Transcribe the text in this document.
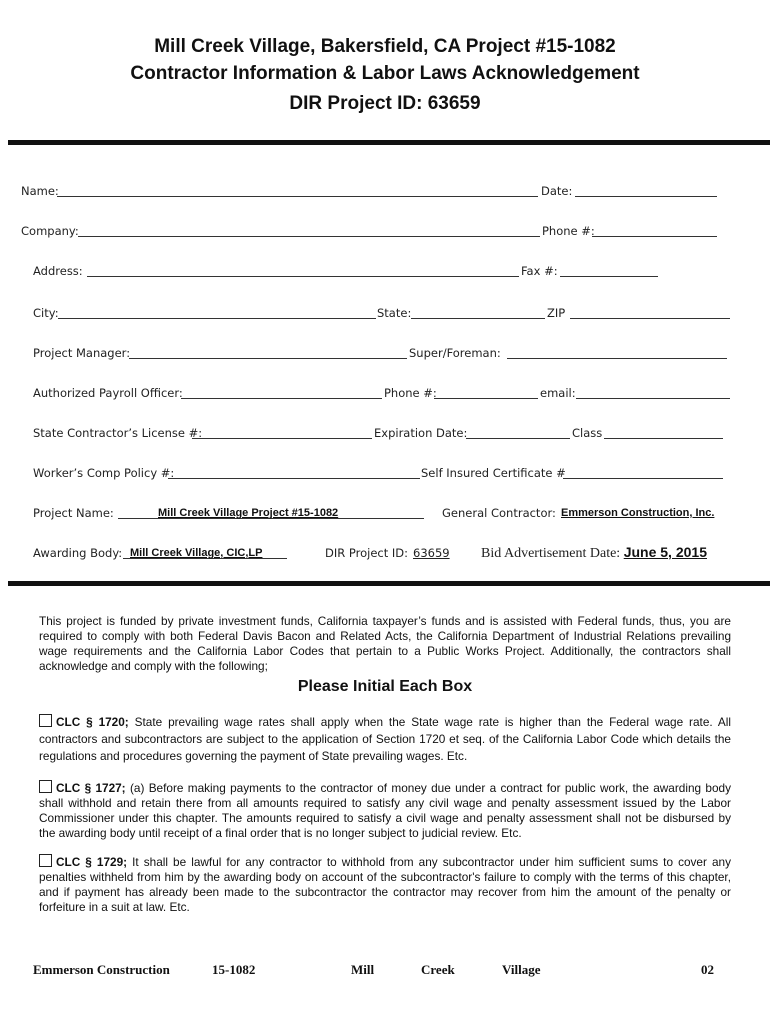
Mill Creek Village, Bakersfield, CA Project #15-1082
Contractor Information & Labor Laws Acknowledgement
DIR Project ID: 63659
Name:	Date:
Company:	Phone #:
Address:	Fax #:
City:	State:	ZIP
Project Manager:	Super/Foreman:
Authorized Payroll Officer:	Phone #:	email:
State Contractor’s License #:	Expiration Date:	Class
Worker’s Comp Policy #:	Self Insured Certificate #
Project Name:	Mill Creek Village Project #15-1082	General Contractor: Emmerson Construction, Inc.
Awarding Body: Mill Creek Village, CIC,LP	DIR Project ID: 63659 Bid Advertisement Date: June 5, 2015
This project is funded by private investment funds, California taxpayer’s funds and is assisted with Federal funds, thus, you are required to comply with both Federal Davis Bacon and Related Acts, the California Department of Industrial Relations prevailing wage requirements and the California Labor Codes that pertain to a Public Works Project. Additionally, the contractors shall acknowledge and comply with the following;
Please Initial Each Box
CLC § 1720; State prevailing wage rates shall apply when the State wage rate is higher than the Federal wage rate. All contractors and subcontractors are subject to the application of Section 1720 et seq. of the California Labor Code which details the regulations and procedures governing the payment of State prevailing wages. Etc.
CLC § 1727; (a) Before making payments to the contractor of money due under a contract for public work, the awarding body shall withhold and retain there from all amounts required to satisfy any civil wage and penalty assessment issued by the Labor Commissioner under this chapter. The amounts required to satisfy a civil wage and penalty assessment shall not be disbursed by the awarding body until receipt of a final order that is no longer subject to judicial review. Etc.
CLC § 1729; It shall be lawful for any contractor to withhold from any subcontractor under him sufficient sums to cover any penalties withheld from him by the awarding body on account of the subcontractor's failure to comply with the terms of this chapter, and if payment has already been made to the subcontractor the contractor may recover from him the amount of the penalty or forfeiture in a suit at law. Etc.
Emmerson Construction	15-1082	Mill	Creek	Village	02
